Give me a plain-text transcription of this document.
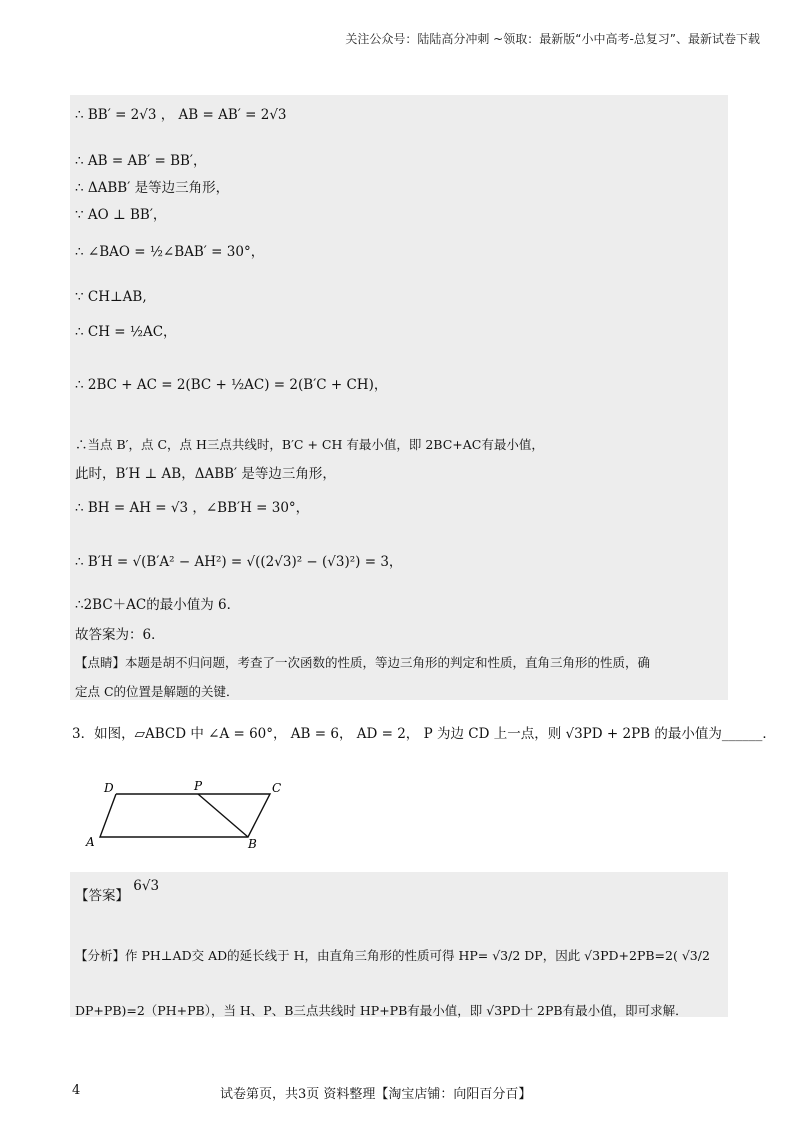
关注公众号：陆陆高分冲刺 ~领取：最新版“小中高考-总复习”、最新试卷下载
∴ BB′ = 2√3 ， AB = AB′ = 2√3
∴ AB = AB′ = BB′，
∴ ΔABB′ 是等边三角形，
∵ AO ⊥ BB′，
∴ ∠BAO = ½∠BAB′ = 30°，
∵ CH⊥AB,
∴ CH = ½AC，
∴ 2BC + AC = 2(BC + ½AC) = 2(B′C + CH)，
∴当点 B′，点 C，点 H三点共线时，B′C + CH 有最小值，即 2BC+AC有最小值，
此时，B′H ⊥ AB，ΔABB′ 是等边三角形，
∴ BH = AH = √3 ，∠BB′H = 30°，
∴ B′H = √(B′A² − AH²) = √((2√3)² − (√3)²) = 3，
∴2BC＋AC的最小值为 6．
故答案为：6．
【点睛】本题是胡不归问题，考查了一次函数的性质，等边三角形的判定和性质，直角三角形的性质，确
定点 C的位置是解题的关键．
3．如图，▱ABCD 中 ∠A = 60°， AB = 6， AD = 2， P 为边 CD 上一点，则 √3PD + 2PB 的最小值为______．
D	P	C
A	B
【答案】 6√3
【分析】作 PH⊥AD交 AD的延长线于 H，由直角三角形的性质可得 HP= √3/2 DP，因此 √3PD+2PB=2( √3/2
DP+PB)=2（PH+PB），当 H、P、B三点共线时 HP+PB有最小值，即 √3PD十 2PB有最小值，即可求解．
4	试卷第页，共3页 资料整理【淘宝店铺：向阳百分百】
